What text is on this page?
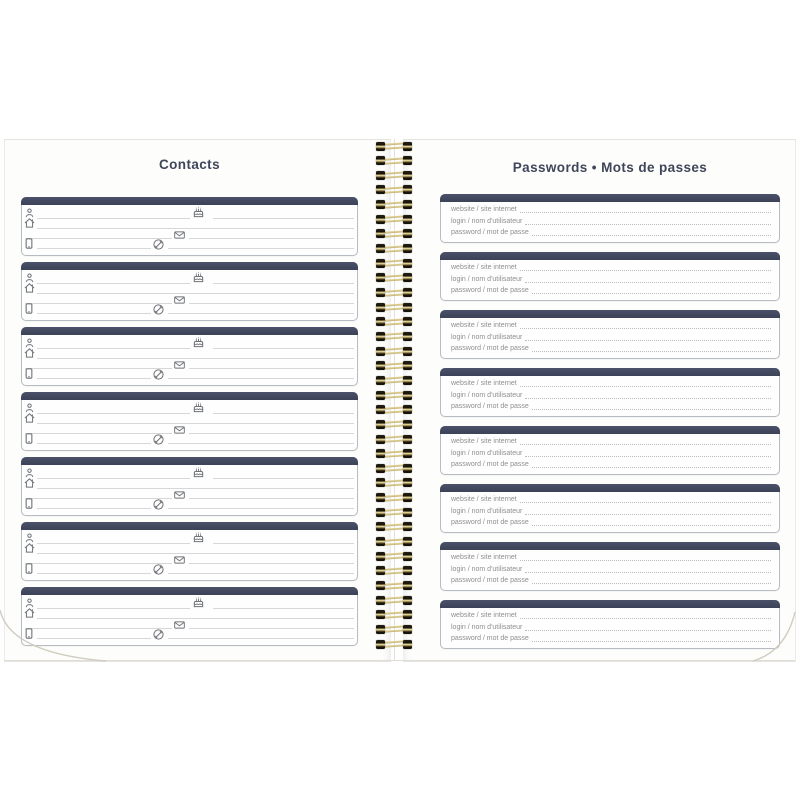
Contacts	Passwords • Mots de passes
website / site internet
login / nom d'utilisateur
password / mot de passe
website / site internet
login / nom d'utilisateur
password / mot de passe
website / site internet
login / nom d'utilisateur
password / mot de passe
website / site internet
login / nom d'utilisateur
password / mot de passe
website / site internet
login / nom d'utilisateur
password / mot de passe
website / site internet
login / nom d'utilisateur
password / mot de passe
website / site internet
login / nom d'utilisateur
password / mot de passe
website / site internet
login / nom d'utilisateur
password / mot de passe
